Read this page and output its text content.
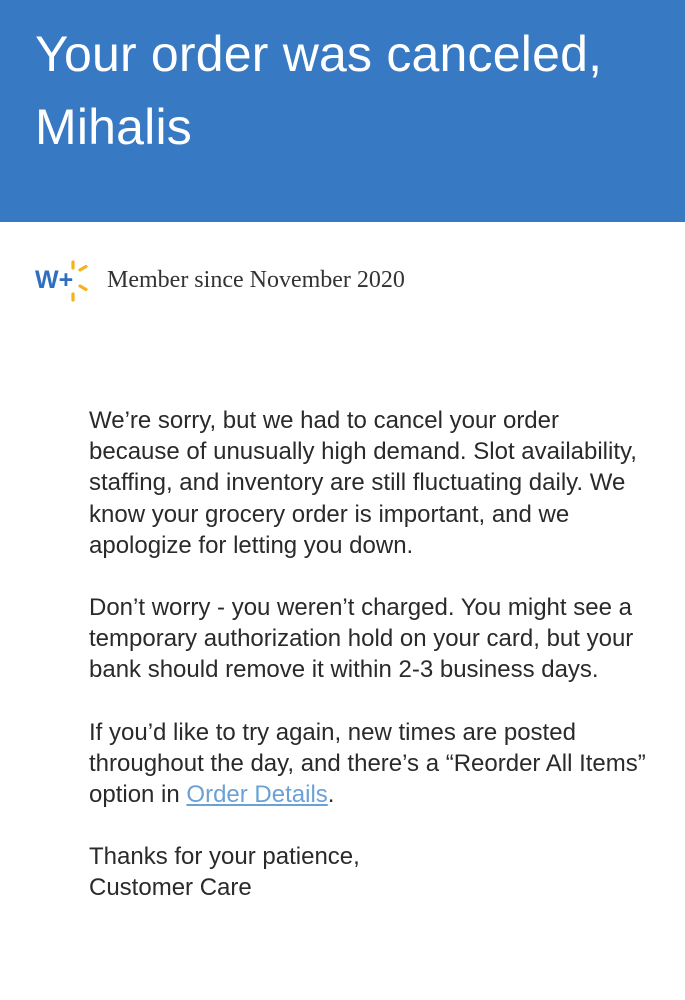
Your order was canceled,
Mihalis
W+ Member since November 2020

We’re sorry, but we had to cancel your order because of unusually high demand. Slot availability, staffing, and inventory are still fluctuating daily. We know your grocery order is important, and we apologize for letting you down.

Don’t worry - you weren’t charged. You might see a temporary authorization hold on your card, but your bank should remove it within 2-3 business days.

If you’d like to try again, new times are posted throughout the day, and there’s a “Reorder All Items” option in Order Details.

Thanks for your patience,
Customer Care
